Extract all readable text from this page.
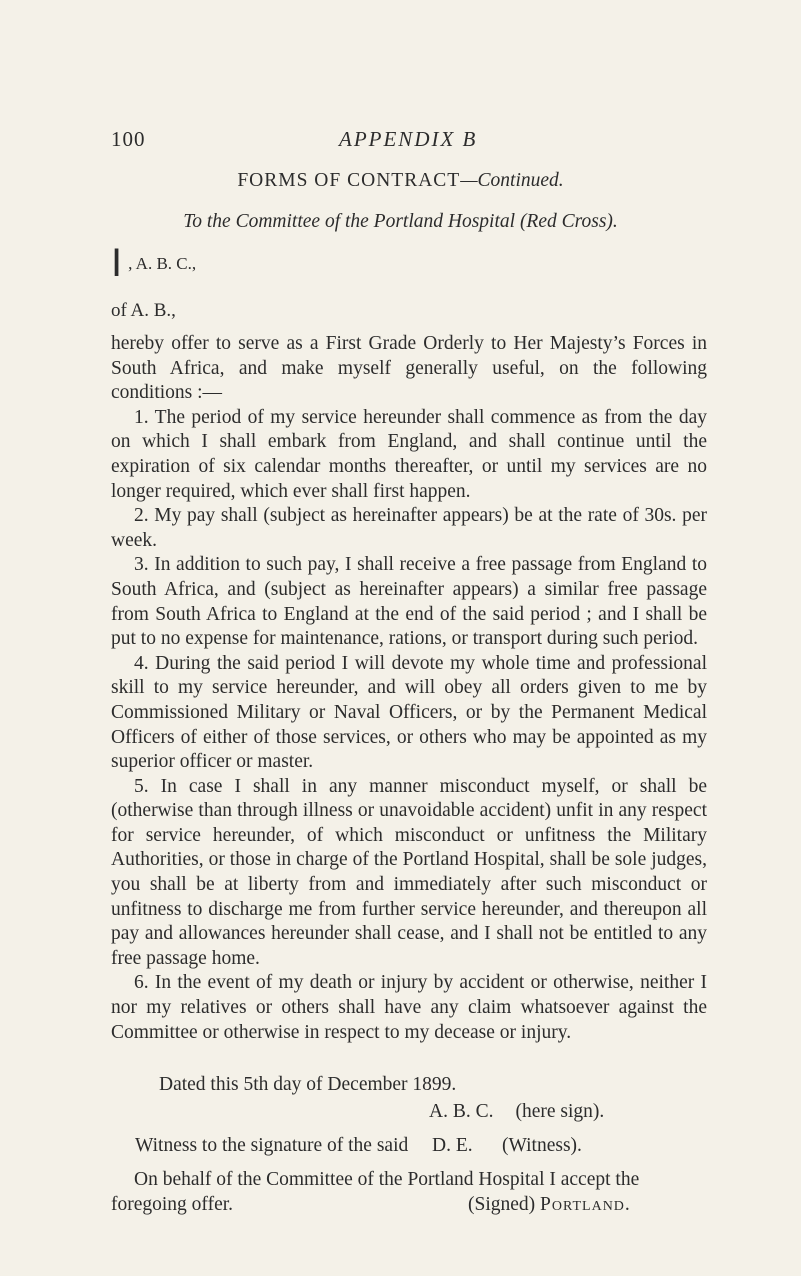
100	APPENDIX B
FORMS OF CONTRACT—Continued.
To the Committee of the Portland Hospital (Red Cross).
I , A. B. C.,
of A. B.,

hereby offer to serve as a First Grade Orderly to Her Majesty’s Forces in South Africa, and make myself generally useful, on the following conditions :—

1. The period of my service hereunder shall commence as from the day on which I shall embark from England, and shall continue until the expiration of six calendar months thereafter, or until my services are no longer required, which ever shall first happen.

2. My pay shall (subject as hereinafter appears) be at the rate of 30s. per week.

3. In addition to such pay, I shall receive a free passage from England to South Africa, and (subject as hereinafter appears) a similar free passage from South Africa to England at the end of the said period ; and I shall be put to no expense for maintenance, rations, or transport during such period.

4. During the said period I will devote my whole time and professional skill to my service hereunder, and will obey all orders given to me by Commissioned Military or Naval Officers, or by the Permanent Medical Officers of either of those services, or others who may be appointed as my superior officer or master.

5. In case I shall in any manner misconduct myself, or shall be (otherwise than through illness or unavoidable accident) unfit in any respect for service hereunder, of which misconduct or unfitness the Military Authorities, or those in charge of the Portland Hospital, shall be sole judges, you shall be at liberty from and immediately after such misconduct or unfitness to discharge me from further service hereunder, and thereupon all pay and allowances hereunder shall cease, and I shall not be entitled to any free passage home.

6. In the event of my death or injury by accident or otherwise, neither I nor my relatives or others shall have any claim whatsoever against the Committee or otherwise in respect to my decease or injury.

Dated this 5th day of December 1899.
A. B. C. (here sign).
Witness to the signature of the said D. E. (Witness).

On behalf of the Committee of the Portland Hospital I accept the

foregoing offer.	(Signed) Portland.
